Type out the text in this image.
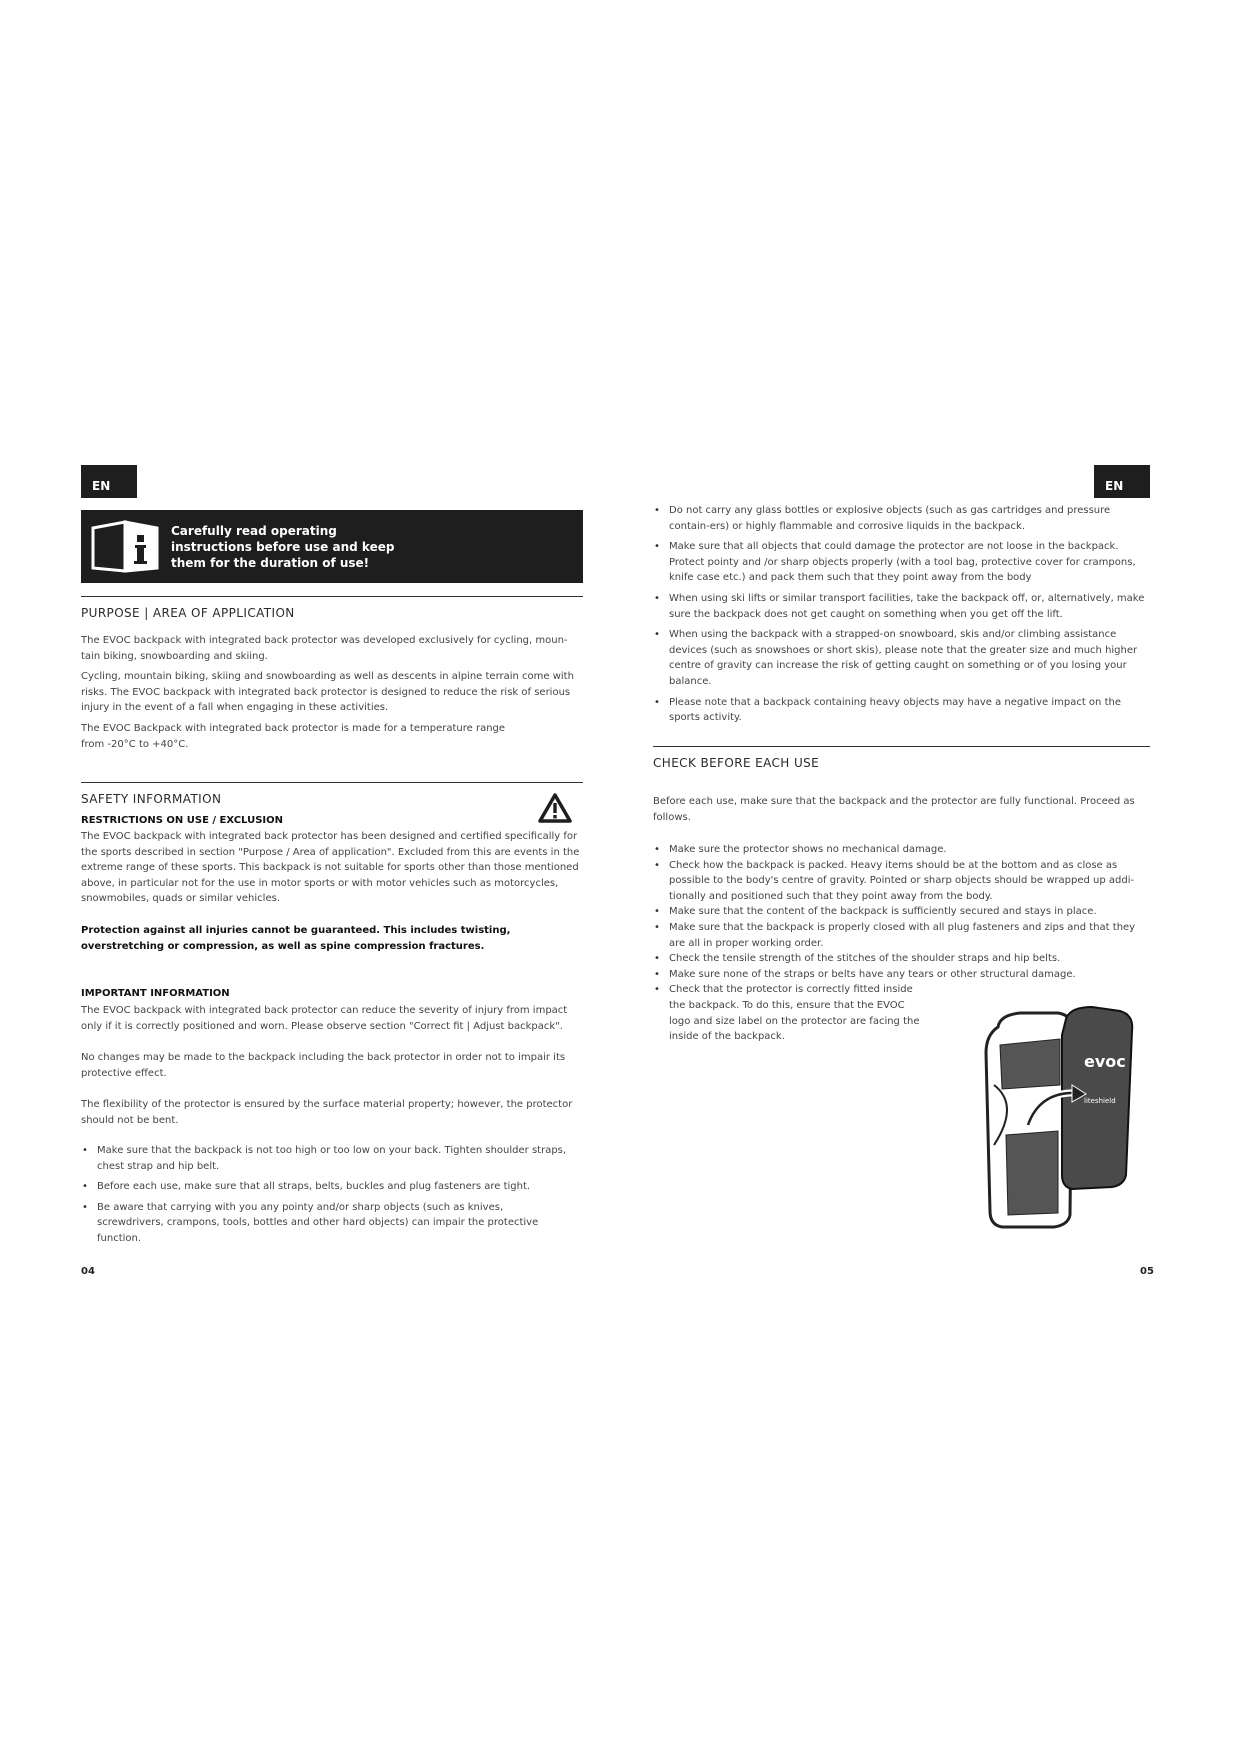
EN
Carefully read operating instructions before use and keep them for the duration of use!
PURPOSE | AREA OF APPLICATION

The EVOC backpack with integrated back protector was developed exclusively for cycling, moun-tain biking, snowboarding and skiing.

Cycling, mountain biking, skiing and snowboarding as well as descents in alpine terrain come with risks. The EVOC backpack with integrated back protector is designed to reduce the risk of serious injury in the event of a fall when engaging in these activities.

The EVOC Backpack with integrated back protector is made for a temperature range from -20°C to +40°C.

SAFETY INFORMATION
RESTRICTIONS ON USE / EXCLUSION

The EVOC backpack with integrated back protector has been designed and certified specifically for the sports described in section "Purpose / Area of application". Excluded from this are events in the extreme range of these sports. This backpack is not suitable for sports other than those mentioned above, in particular not for the use in motor sports or with motor vehicles such as motorcycles, snowmobiles, quads or similar vehicles.

Protection against all injuries cannot be guaranteed. This includes twisting, overstretching or compression, as well as spine compression fractures.

IMPORTANT INFORMATION

The EVOC backpack with integrated back protector can reduce the severity of injury from impact only if it is correctly positioned and worn. Please observe section "Correct fit | Adjust backpack".

No changes may be made to the backpack including the back protector in order not to impair its protective effect.

The flexibility of the protector is ensured by the surface material property; however, the protector should not be bent.

• Make sure that the backpack is not too high or too low on your back. Tighten shoulder straps, chest strap and hip belt.
• Before each use, make sure that all straps, belts, buckles and plug fasteners are tight.
• Be aware that carrying with you any pointy and/or sharp objects (such as knives, screwdrivers, crampons, tools, bottles and other hard objects) can impair the protective function.
04
EN
• Do not carry any glass bottles or explosive objects (such as gas cartridges and pressure contain-ers) or highly flammable and corrosive liquids in the backpack.
• Make sure that all objects that could damage the protector are not loose in the backpack. Protect pointy and /or sharp objects properly (with a tool bag, protective cover for crampons, knife case etc.) and pack them such that they point away from the body
• When using ski lifts or similar transport facilities, take the backpack off, or, alternatively, make sure the backpack does not get caught on something when you get off the lift.
• When using the backpack with a strapped-on snowboard, skis and/or climbing assistance devices (such as snowshoes or short skis), please note that the greater size and much higher centre of gravity can increase the risk of getting caught on something or of you losing your balance.
• Please note that a backpack containing heavy objects may have a negative impact on the sports activity.
CHECK BEFORE EACH USE

Before each use, make sure that the backpack and the protector are fully functional. Proceed as follows.

• Make sure the protector shows no mechanical damage.
• Check how the backpack is packed. Heavy items should be at the bottom and as close as possible to the body's centre of gravity. Pointed or sharp objects should be wrapped up addi-tionally and positioned such that they point away from the body.
• Make sure that the content of the backpack is sufficiently secured and stays in place.
• Make sure that the backpack is properly closed with all plug fasteners and zips and that they are all in proper working order.
• Check the tensile strength of the stitches of the shoulder straps and hip belts.
• Make sure none of the straps or belts have any tears or other structural damage.
• Check that the protector is correctly fitted inside the backpack. To do this, ensure that the EVOC logo and size label on the protector are facing the inside of the backpack.
evoc
liteshield
05
